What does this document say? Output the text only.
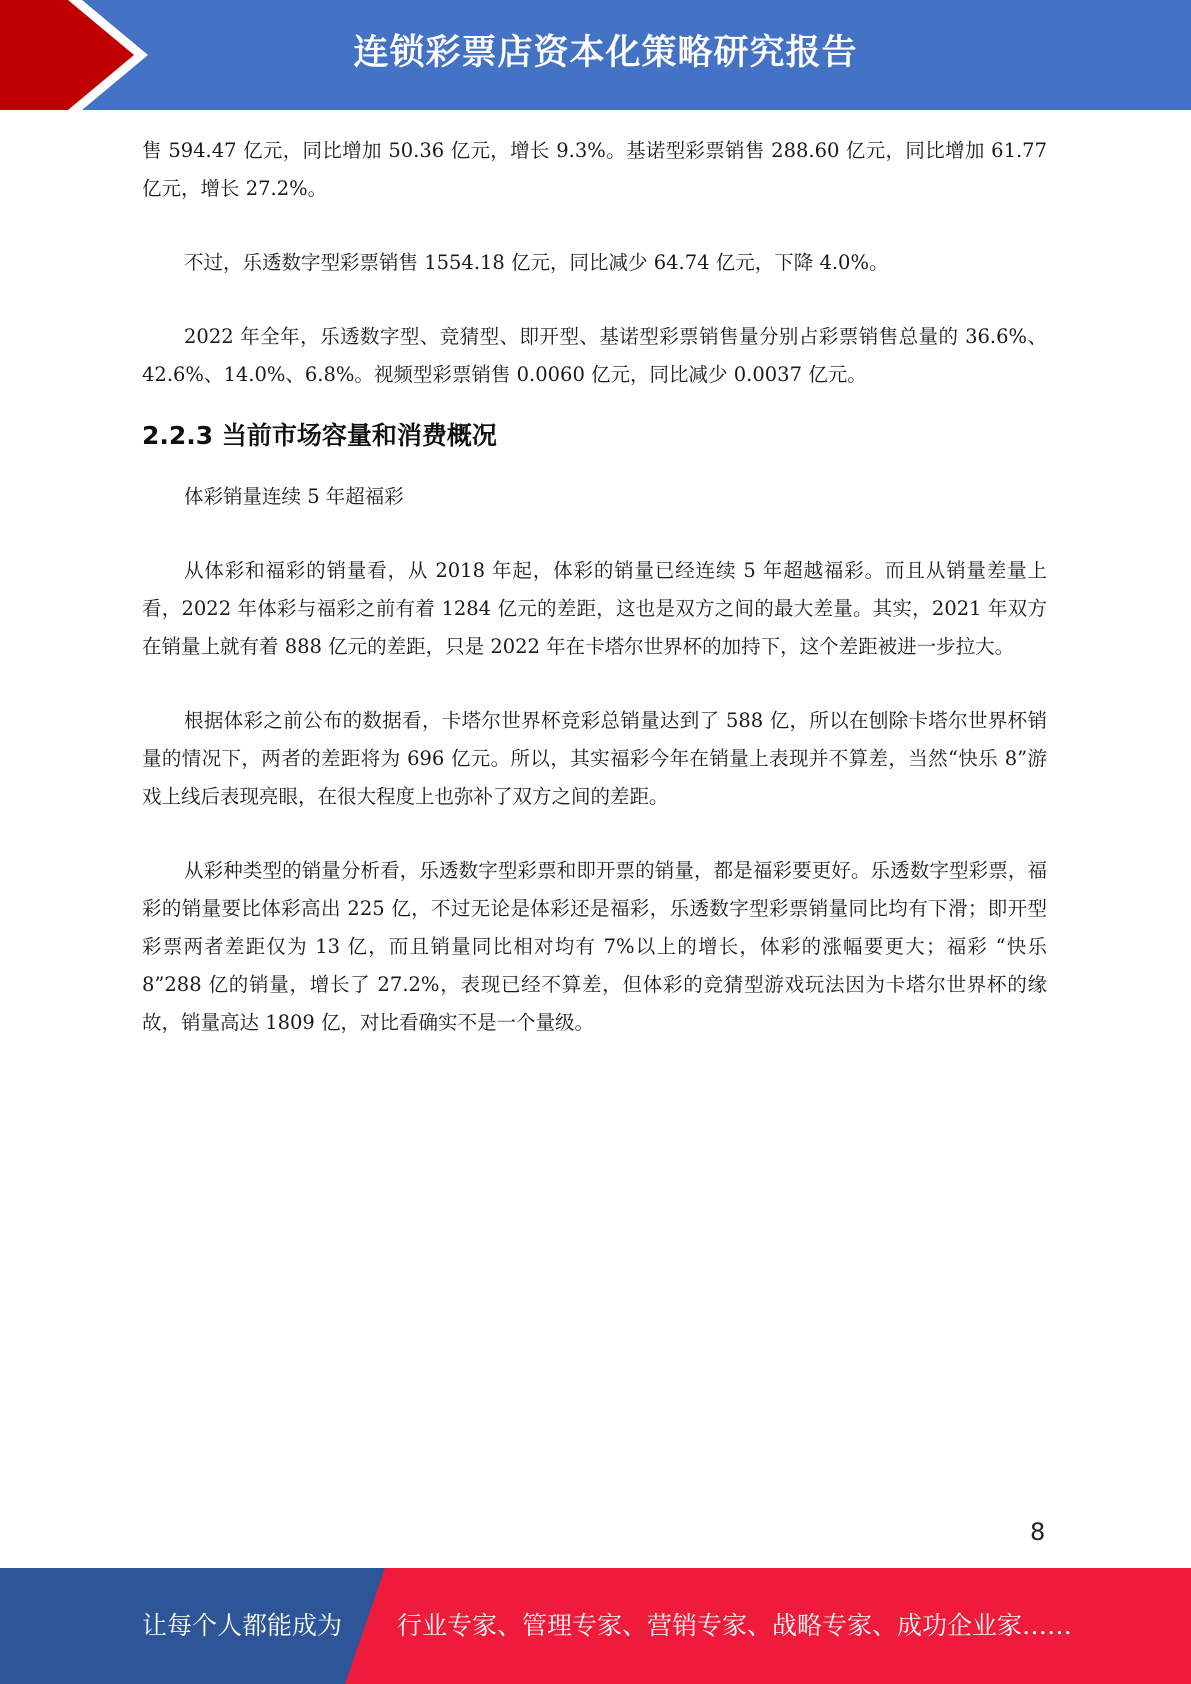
连锁彩票店资本化策略研究报告

售 594.47 亿元，同比增加 50.36 亿元，增长 9.3%。基诺型彩票销售 288.60 亿元，同比增加 61.77 亿元，增长 27.2%。

不过，乐透数字型彩票销售 1554.18 亿元，同比减少 64.74 亿元，下降 4.0%。

2022 年全年，乐透数字型、竞猜型、即开型、基诺型彩票销售量分别占彩票销售总量的 36.6%、42.6%、14.0%、6.8%。视频型彩票销售 0.0060 亿元，同比减少 0.0037 亿元。

2.2.3 当前市场容量和消费概况

体彩销量连续 5 年超福彩

从体彩和福彩的销量看，从 2018 年起，体彩的销量已经连续 5 年超越福彩。而且从销量差量上看，2022 年体彩与福彩之前有着 1284 亿元的差距，这也是双方之间的最大差量。其实，2021 年双方在销量上就有着 888 亿元的差距，只是 2022 年在卡塔尔世界杯的加持下，这个差距被进一步拉大。

根据体彩之前公布的数据看，卡塔尔世界杯竞彩总销量达到了 588 亿，所以在刨除卡塔尔世界杯销量的情况下，两者的差距将为 696 亿元。所以，其实福彩今年在销量上表现并不算差，当然“快乐 8”游戏上线后表现亮眼，在很大程度上也弥补了双方之间的差距。

从彩种类型的销量分析看，乐透数字型彩票和即开票的销量，都是福彩要更好。乐透数字型彩票，福彩的销量要比体彩高出 225 亿，不过无论是体彩还是福彩，乐透数字型彩票销量同比均有下滑；即开型彩票两者差距仅为 13 亿，而且销量同比相对均有 7%以上的增长，体彩的涨幅要更大；福彩 “快乐 8”288 亿的销量，增长了 27.2%，表现已经不算差，但体彩的竞猜型游戏玩法因为卡塔尔世界杯的缘故，销量高达 1809 亿，对比看确实不是一个量级。

8
让每个人都能成为 行业专家、管理专家、营销专家、战略专家、成功企业家……
